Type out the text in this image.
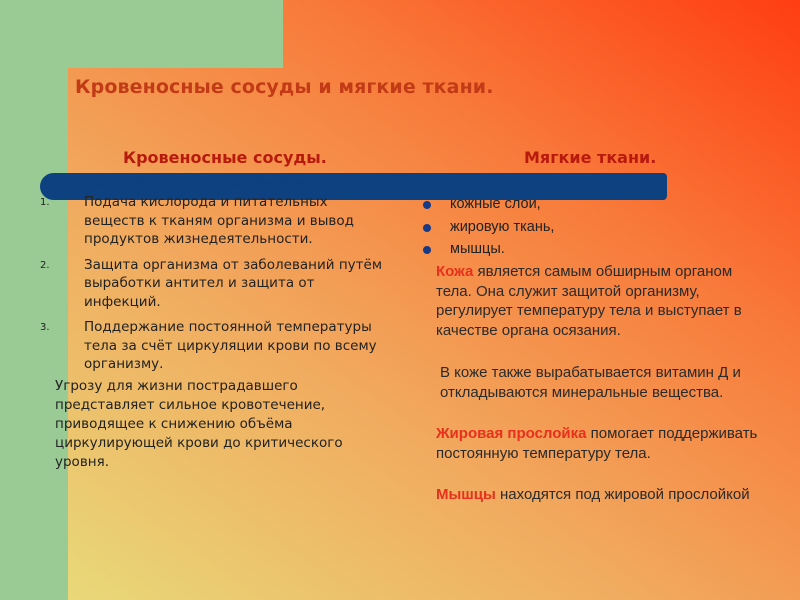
Кровеносные сосуды и мягкие ткани.
Кровеносные сосуды.	Мягкие ткани.
Кровь выполняет три основные функции:
1.	Подача кислорода и питательных веществ к тканям организма и вывод продуктов жизнедеятельности.
2.	Защита организма от заболеваний путём выработки антител и защита от инфекций.
3.	Поддержание постоянной температуры тела за счёт циркуляции крови по всему организму.
Угрозу для жизни пострадавшего представляет сильное кровотечение, приводящее к снижению объёма циркулирующей крови до критического уровня.
кожные слои,
жировую ткань,
мышцы.
Кожа является самым обширным органом тела. Она служит защитой организму, регулирует температуру тела и выступает в качестве органа осязания.
В коже также вырабатывается витамин Д и откладываются минеральные вещества.
Жировая прослойка помогает поддерживать постоянную температуру тела.
Мышцы находятся под жировой прослойкой
